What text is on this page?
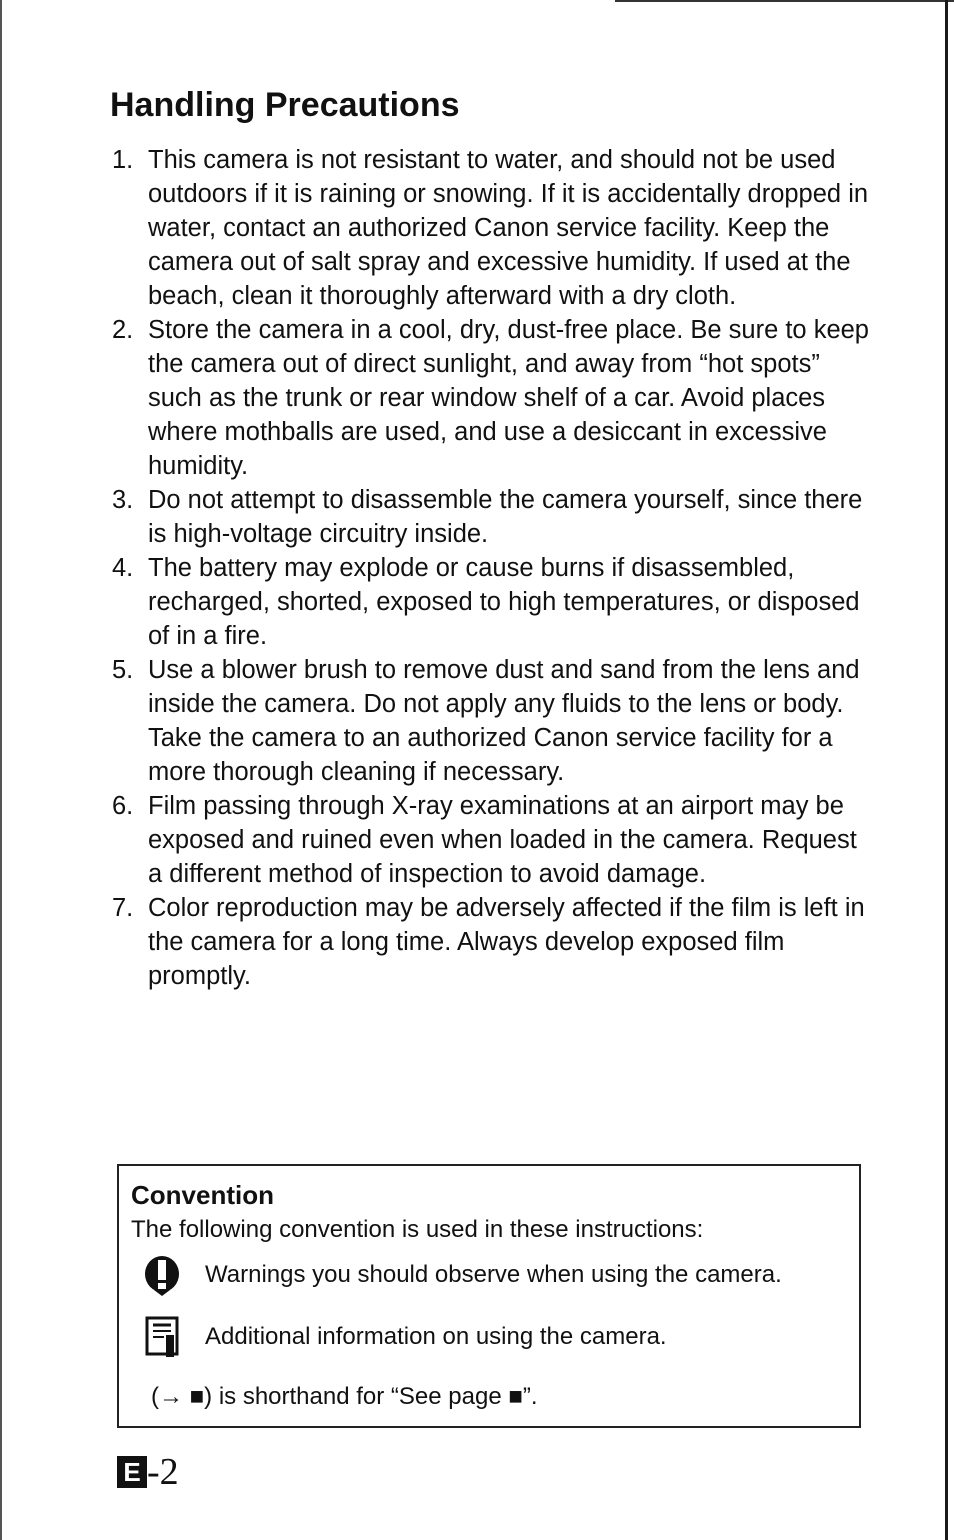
Handling Precautions
1. This camera is not resistant to water, and should not be used outdoors if it is raining or snowing. If it is accidentally dropped in water, contact an authorized Canon service facility. Keep the camera out of salt spray and excessive humidity. If used at the beach, clean it thoroughly afterward with a dry cloth.
2. Store the camera in a cool, dry, dust-free place. Be sure to keep the camera out of direct sunlight, and away from “hot spots” such as the trunk or rear window shelf of a car. Avoid places where mothballs are used, and use a desiccant in excessive humidity.
3. Do not attempt to disassemble the camera yourself, since there is high-voltage circuitry inside.
4. The battery may explode or cause burns if disassembled, recharged, shorted, exposed to high temperatures, or disposed of in a fire.
5. Use a blower brush to remove dust and sand from the lens and inside the camera. Do not apply any fluids to the lens or body. Take the camera to an authorized Canon service facility for a more thorough cleaning if necessary.
6. Film passing through X-ray examinations at an airport may be exposed and ruined even when loaded in the camera. Request a different method of inspection to avoid damage.
7. Color reproduction may be adversely affected if the film is left in the camera for a long time. Always develop exposed film promptly.
Convention
The following convention is used in these instructions:
Warnings you should observe when using the camera.
Additional information on using the camera.
(→ ■) is shorthand for “See page ■”.
E -2
